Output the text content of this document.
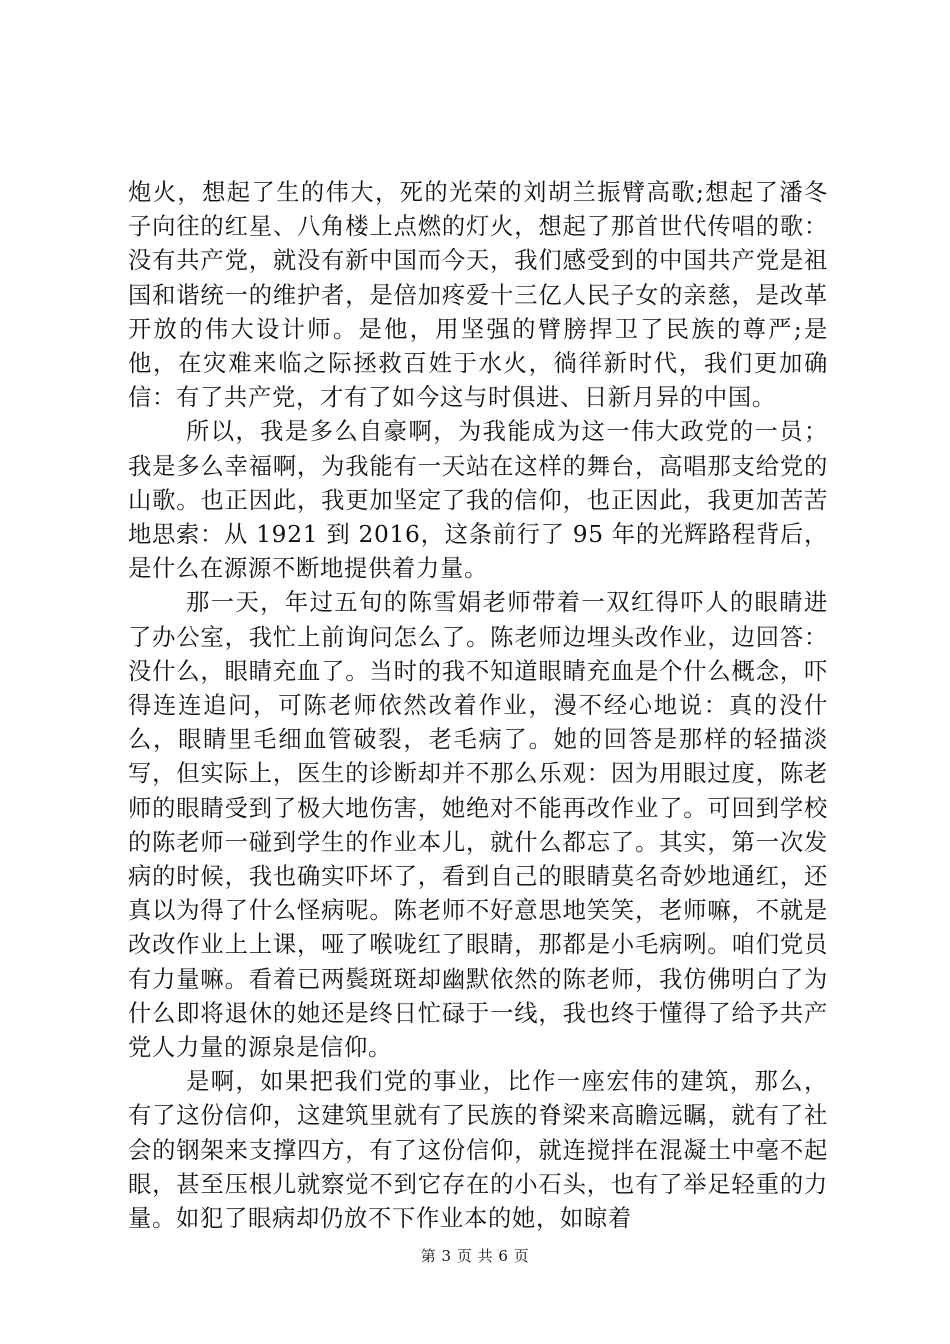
炮火，想起了生的伟大，死的光荣的刘胡兰振臂高歌;想起了潘冬子向往的红星、八角楼上点燃的灯火，想起了那首世代传唱的歌：没有共产党，就没有新中国而今天，我们感受到的中国共产党是祖国和谐统一的维护者，是倍加疼爱十三亿人民子女的亲慈，是改革开放的伟大设计师。是他，用坚强的臂膀捍卫了民族的尊严;是他，在灾难来临之际拯救百姓于水火，徜徉新时代，我们更加确信：有了共产党，才有了如今这与时俱进、日新月异的中国。

所以，我是多么自豪啊，为我能成为这一伟大政党的一员；我是多么幸福啊，为我能有一天站在这样的舞台，高唱那支给党的山歌。也正因此，我更加坚定了我的信仰，也正因此，我更加苦苦地思索：从 1921 到 2016，这条前行了 95 年的光辉路程背后，是什么在源源不断地提供着力量。

那一天，年过五旬的陈雪娟老师带着一双红得吓人的眼睛进了办公室，我忙上前询问怎么了。陈老师边埋头改作业，边回答：没什么，眼睛充血了。当时的我不知道眼睛充血是个什么概念，吓得连连追问，可陈老师依然改着作业，漫不经心地说：真的没什么，眼睛里毛细血管破裂，老毛病了。她的回答是那样的轻描淡写，但实际上，医生的诊断却并不那么乐观：因为用眼过度，陈老师的眼睛受到了极大地伤害，她绝对不能再改作业了。可回到学校的陈老师一碰到学生的作业本儿，就什么都忘了。其实，第一次发病的时候，我也确实吓坏了，看到自己的眼睛莫名奇妙地通红，还真以为得了什么怪病呢。陈老师不好意思地笑笑，老师嘛，不就是改改作业上上课，哑了喉咙红了眼睛，那都是小毛病咧。咱们党员有力量嘛。看着已两鬓斑斑却幽默依然的陈老师，我仿佛明白了为什么即将退休的她还是终日忙碌于一线，我也终于懂得了给予共产党人力量的源泉是信仰。

是啊，如果把我们党的事业，比作一座宏伟的建筑，那么，有了这份信仰，这建筑里就有了民族的脊梁来高瞻远瞩，就有了社会的钢架来支撑四方，有了这份信仰，就连搅拌在混凝土中毫不起眼，甚至压根儿就察觉不到它存在的小石头，也有了举足轻重的力量。如犯了眼病却仍放不下作业本的她，如晾着

第 3 页 共 6 页
